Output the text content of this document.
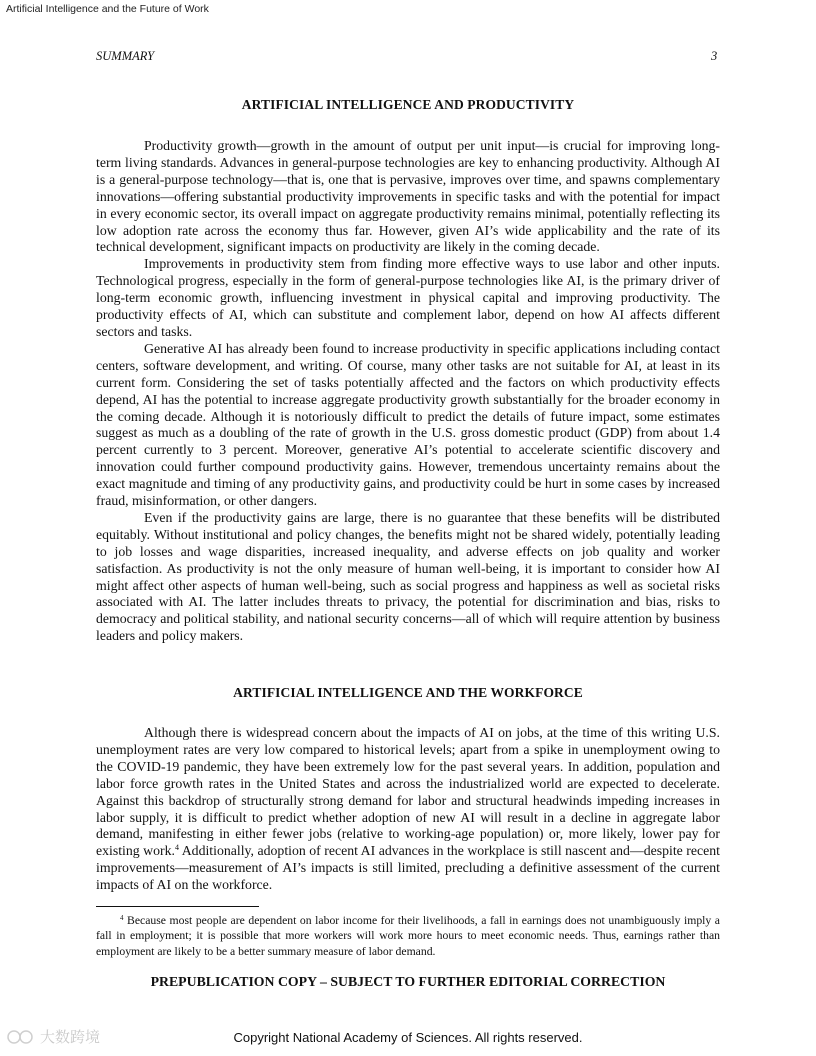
Artificial Intelligence and the Future of Work
SUMMARY	3
ARTIFICIAL INTELLIGENCE AND PRODUCTIVITY

Productivity growth—growth in the amount of output per unit input—is crucial for improving long-term living standards. Advances in general-purpose technologies are key to enhancing productivity. Although AI is a general-purpose technology—that is, one that is pervasive, improves over time, and spawns complementary innovations—offering substantial productivity improvements in specific tasks and with the potential for impact in every economic sector, its overall impact on aggregate productivity remains minimal, potentially reflecting its low adoption rate across the economy thus far. However, given AI’s wide applicability and the rate of its technical development, significant impacts on productivity are likely in the coming decade.

Improvements in productivity stem from finding more effective ways to use labor and other inputs. Technological progress, especially in the form of general-purpose technologies like AI, is the primary driver of long-term economic growth, influencing investment in physical capital and improving productivity. The productivity effects of AI, which can substitute and complement labor, depend on how AI affects different sectors and tasks.

Generative AI has already been found to increase productivity in specific applications including contact centers, software development, and writing. Of course, many other tasks are not suitable for AI, at least in its current form. Considering the set of tasks potentially affected and the factors on which productivity effects depend, AI has the potential to increase aggregate productivity growth substantially for the broader economy in the coming decade. Although it is notoriously difficult to predict the details of future impact, some estimates suggest as much as a doubling of the rate of growth in the U.S. gross domestic product (GDP) from about 1.4 percent currently to 3 percent. Moreover, generative AI’s potential to accelerate scientific discovery and innovation could further compound productivity gains. However, tremendous uncertainty remains about the exact magnitude and timing of any productivity gains, and productivity could be hurt in some cases by increased fraud, misinformation, or other dangers.

Even if the productivity gains are large, there is no guarantee that these benefits will be distributed equitably. Without institutional and policy changes, the benefits might not be shared widely, potentially leading to job losses and wage disparities, increased inequality, and adverse effects on job quality and worker satisfaction. As productivity is not the only measure of human well-being, it is important to consider how AI might affect other aspects of human well-being, such as social progress and happiness as well as societal risks associated with AI. The latter includes threats to privacy, the potential for discrimination and bias, risks to democracy and political stability, and national security concerns—all of which will require attention by business leaders and policy makers.

ARTIFICIAL INTELLIGENCE AND THE WORKFORCE

Although there is widespread concern about the impacts of AI on jobs, at the time of this writing U.S. unemployment rates are very low compared to historical levels; apart from a spike in unemployment owing to the COVID-19 pandemic, they have been extremely low for the past several years. In addition, population and labor force growth rates in the United States and across the industrialized world are expected to decelerate. Against this backdrop of structurally strong demand for labor and structural headwinds impeding increases in labor supply, it is difficult to predict whether adoption of new AI will result in a decline in aggregate labor demand, manifesting in either fewer jobs (relative to working-age population) or, more likely, lower pay for existing work.$^4$ Additionally, adoption of recent AI advances in the workplace is still nascent and—despite recent improvements—measurement of AI’s impacts is still limited, precluding a definitive assessment of the current impacts of AI on the workforce.

$^4$ Because most people are dependent on labor income for their livelihoods, a fall in earnings does not unambiguously imply a fall in employment; it is possible that more workers will work more hours to meet economic needs. Thus, earnings rather than employment are likely to be a better summary measure of labor demand.

PREPUBLICATION COPY – SUBJECT TO FURTHER EDITORIAL CORRECTION
大数跨境	Copyright National Academy of Sciences. All rights reserved.
